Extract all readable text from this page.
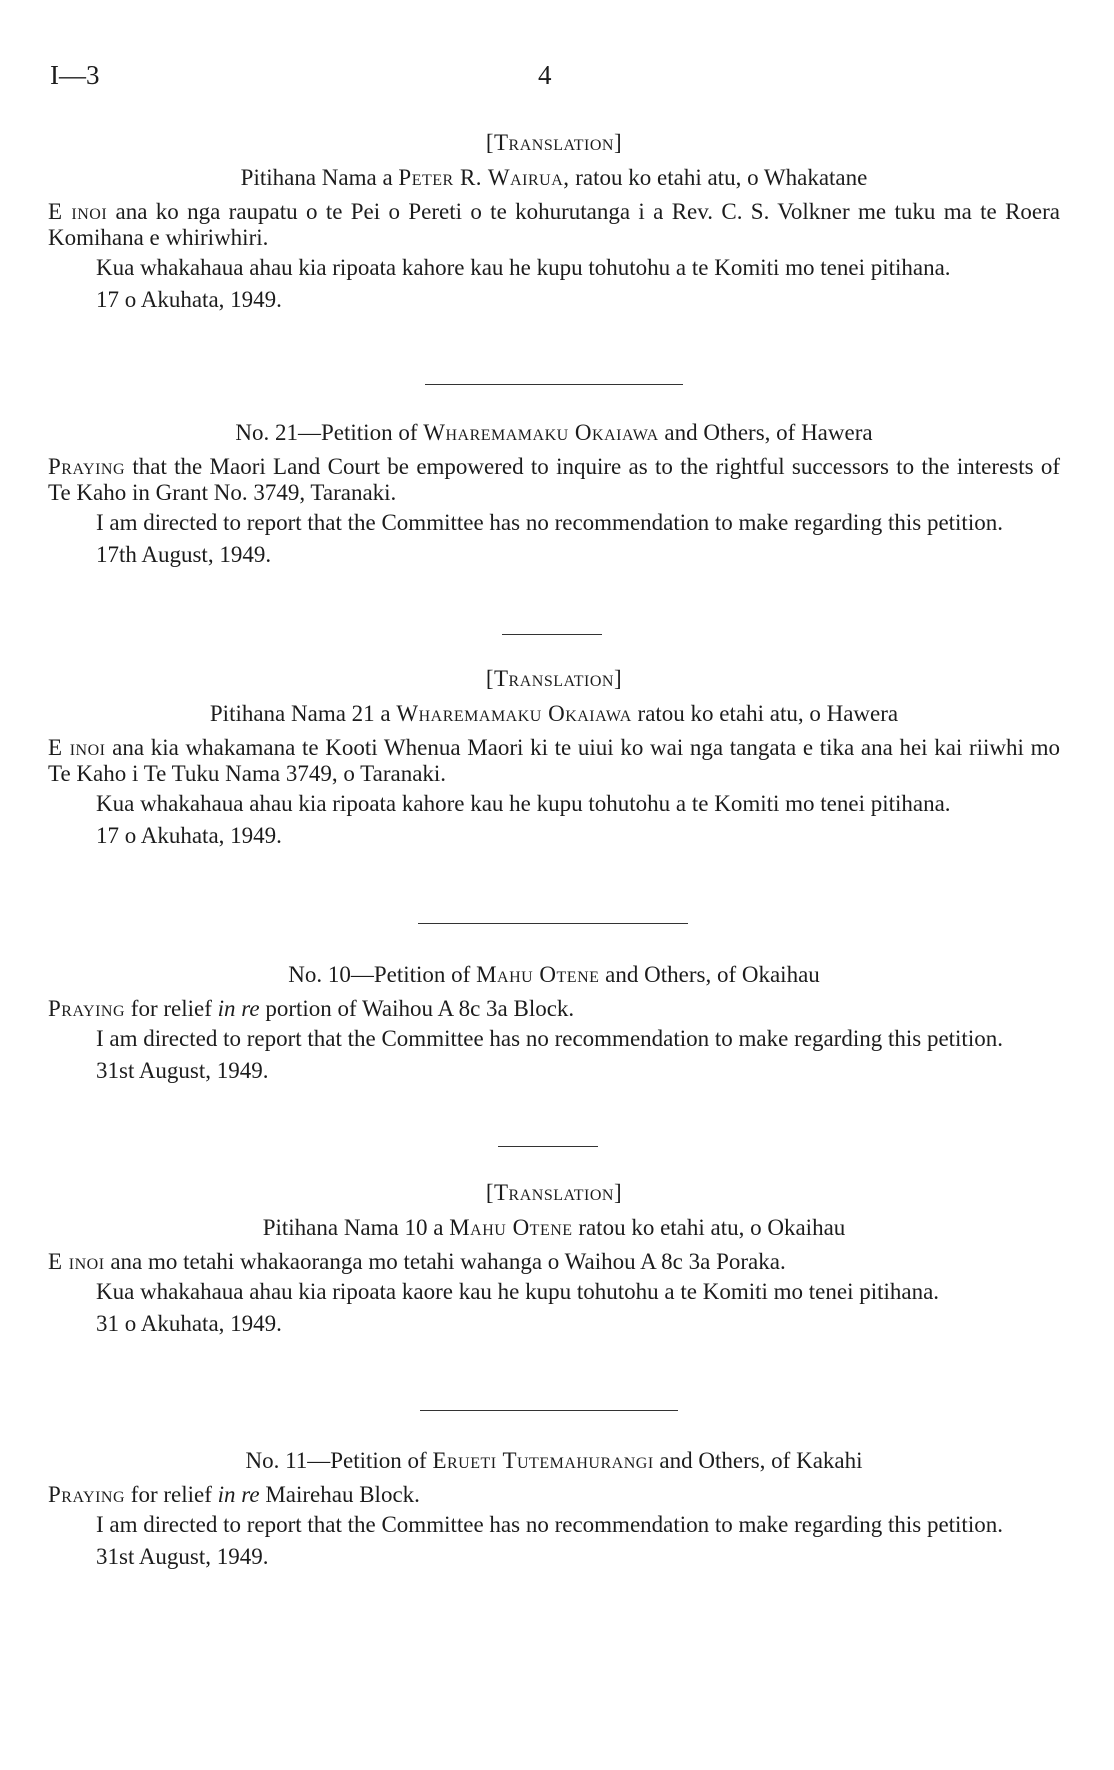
I—3	4
[Translation]
Pitihana Nama a Peter R. Wairua, ratou ko etahi atu, o Whakatane

E inoi ana ko nga raupatu o te Pei o Pereti o te kohurutanga i a Rev. C. S. Volkner me tuku ma te Roera Komihana e whiriwhiri.

Kua whakahaua ahau kia ripoata kahore kau he kupu tohutohu a te Komiti mo tenei pitihana.

17 o Akuhata, 1949.
No. 21—Petition of Wharemamaku Okaiawa and Others, of Hawera

Praying that the Maori Land Court be empowered to inquire as to the rightful successors to the interests of Te Kaho in Grant No. 3749, Taranaki.

I am directed to report that the Committee has no recommendation to make regarding this petition.

17th August, 1949.
[Translation]
Pitihana Nama 21 a Wharemamaku Okaiawa ratou ko etahi atu, o Hawera

E inoi ana kia whakamana te Kooti Whenua Maori ki te uiui ko wai nga tangata e tika ana hei kai riiwhi mo Te Kaho i Te Tuku Nama 3749, o Taranaki.

Kua whakahaua ahau kia ripoata kahore kau he kupu tohutohu a te Komiti mo tenei pitihana.

17 o Akuhata, 1949.
No. 10—Petition of Mahu Otene and Others, of Okaihau

Praying for relief in re portion of Waihou A 8c 3a Block.

I am directed to report that the Committee has no recommendation to make regarding this petition.

31st August, 1949.
[Translation]
Pitihana Nama 10 a Mahu Otene ratou ko etahi atu, o Okaihau

E inoi ana mo tetahi whakaoranga mo tetahi wahanga o Waihou A 8c 3a Poraka.

Kua whakahaua ahau kia ripoata kaore kau he kupu tohutohu a te Komiti mo tenei pitihana.

31 o Akuhata, 1949.
No. 11—Petition of Erueti Tutemahurangi and Others, of Kakahi

Praying for relief in re Mairehau Block.

I am directed to report that the Committee has no recommendation to make regarding this petition.

31st August, 1949.
